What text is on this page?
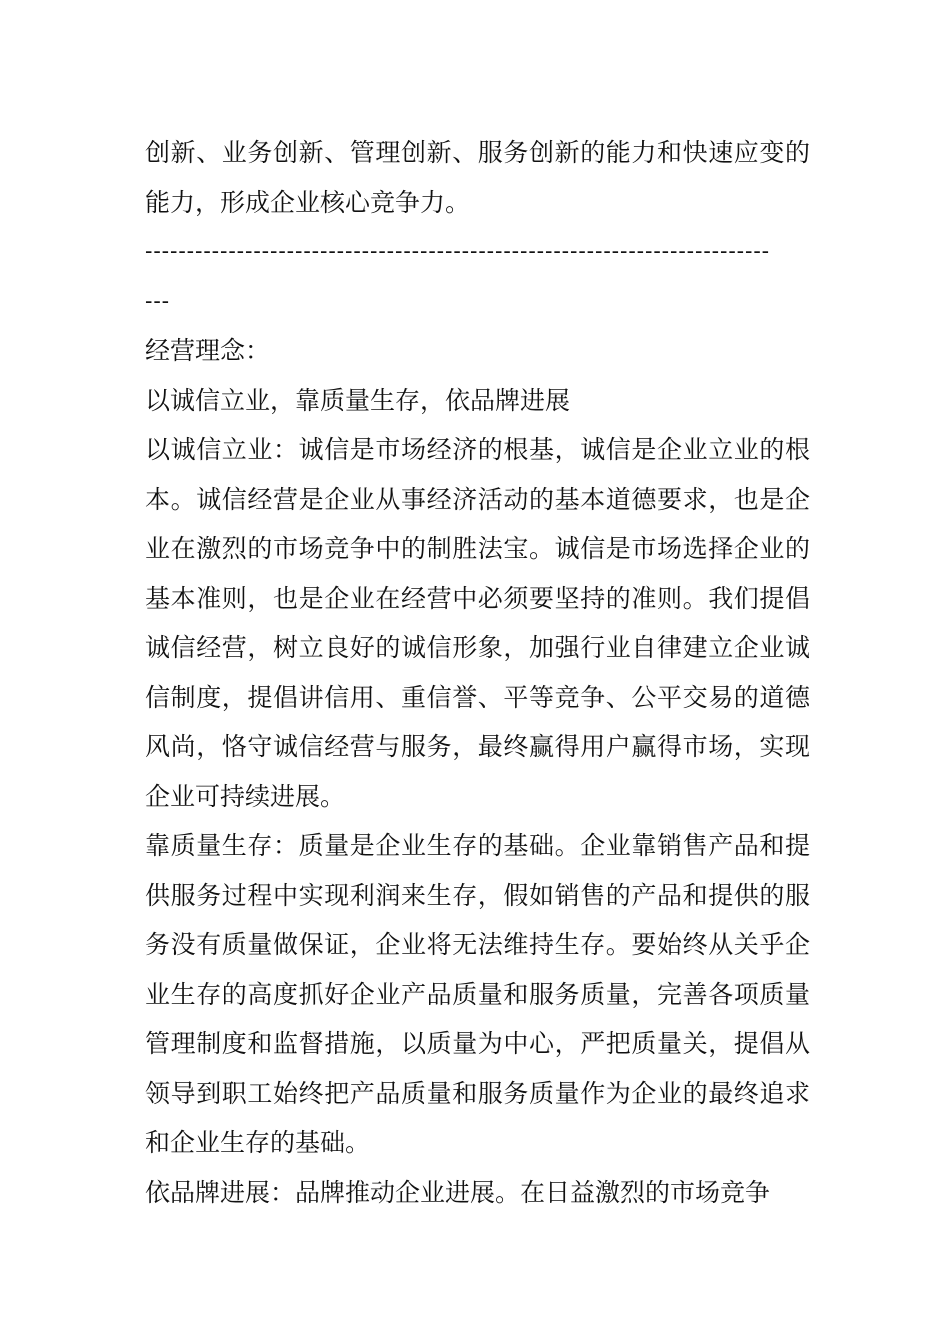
创新、业务创新、管理创新、服务创新的能力和快速应变的能力，形成企业核心竞争力。

---------------------------------------------------------------------------

---

经营理念：

以诚信立业，靠质量生存，依品牌进展

以诚信立业：诚信是市场经济的根基，诚信是企业立业的根本。诚信经营是企业从事经济活动的基本道德要求，也是企业在激烈的市场竞争中的制胜法宝。诚信是市场选择企业的基本准则，也是企业在经营中必须要坚持的准则。我们提倡诚信经营，树立良好的诚信形象，加强行业自律建立企业诚信制度，提倡讲信用、重信誉、平等竞争、公平交易的道德风尚，恪守诚信经营与服务，最终赢得用户赢得市场，实现企业可持续进展。

靠质量生存：质量是企业生存的基础。企业靠销售产品和提供服务过程中实现利润来生存，假如销售的产品和提供的服务没有质量做保证，企业将无法维持生存。要始终从关乎企业生存的高度抓好企业产品质量和服务质量，完善各项质量管理制度和监督措施，以质量为中心，严把质量关，提倡从领导到职工始终把产品质量和服务质量作为企业的最终追求和企业生存的基础。

依品牌进展：品牌推动企业进展。在日益激烈的市场竞争
